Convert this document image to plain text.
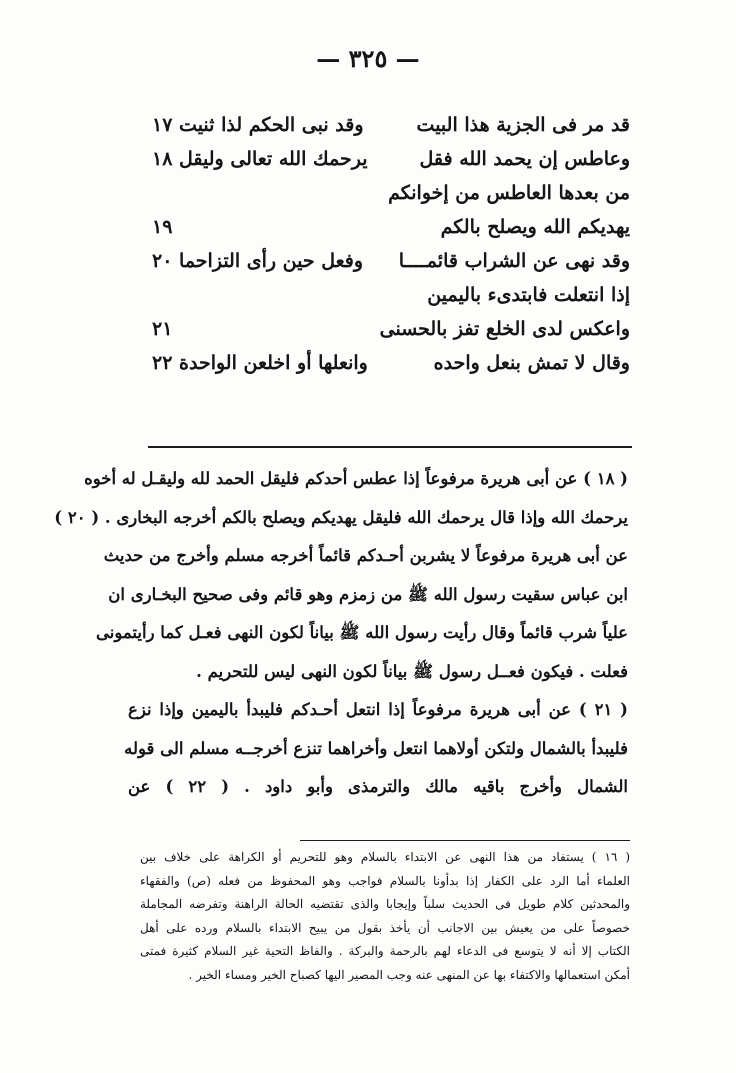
— ٣٢٥ —
قد مر فى الجزية هذا البيت
وقد نبى الحكم لذا ثنيت ١٧
وعاطس إن يحمد الله فقل
يرحمك الله تعالى وليقل ١٨
من بعدها العاطس من إخوانكم
يهديكم الله ويصلح بالكم
١٩
وقد نهى عن الشراب قائمــــا
وفعل حين رأى التزاحما ٢٠
إذا انتعلت فابتدىء باليمين
واعكس لدى الخلع تفز بالحسنى
٢١
وقال لا تمش بنعل واحده
وانعلها أو اخلعن الواحدة ٢٢
( ١٨ ) عن أبى هريرة مرفوعاً إذا عطس أحدكم فليقل الحمد لله وليقـل له أخوه
يرحمك الله وإذا قال يرحمك الله فليقل يهديكم ويصلح بالكم أخرجه البخارى . ( ٢٠ )
عن أبى هريرة مرفوعاً لا يشربن أحـدكم قائماً أخرجه مسلم وأخرج من حديث
ابن عباس سقيت رسول الله ﷺ من زمزم وهو قائم وفى صحيح البخـارى ان
علياً شرب قائماً وقال رأيت رسول الله ﷺ بياناً لكون النهى فعـل كما رأيتمونى
فعلت . فيكون فعــل رسول ﷺ بياناً لكون النهى ليس للتحريم .
( ٢١ ) عن أبى هريرة مرفوعاً إذا انتعل أحـدكم فليبدأ باليمين وإذا نزع
فليبدأ بالشمال ولتكن أولاهما انتعل وأخراهما تنزع أخرجــه مسلم الى قوله
الشمال وأخرج باقيه مالك والترمذى وأبو داود . ( ٢٢ ) عن
( ١٦ ) يستفاد من هذا النهى عن الابتداء بالسلام وهو للتحريم أو الكراهة على خلاف بين
العلماء أما الرد على الكفار إذا بدأونا بالسلام فواجب وهو المحفوظ من فعله (ص) والفقهاء
والمحدثين كلام طويل فى الحديث سلباً وإيجابا والذى تقتضيه الحالة الراهنة وتفرضه المجاملة
خصوصاً على من يعيش بين الاجانب أن يأخذ بقول من يبيح الابتداء بالسلام ورده على أهل
الكتاب إلا أنه لا يتوسع فى الدعاء لهم بالرحمة والبركة . والفاظ التحية غير السلام كثيرة فمتى
أمكن استعمالها والاكتفاء بها عن المنهى عنه وجب المصير اليها كصباح الخير ومساء الخير .
